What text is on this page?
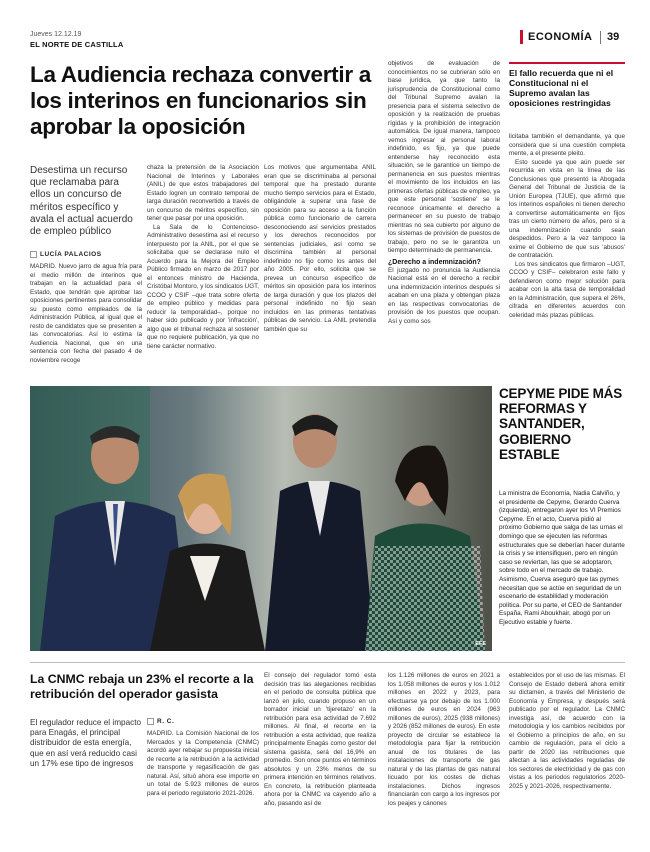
Jueves 12.12.19
EL NORTE DE CASTILLA
ECONOMÍA 39
La Audiencia rechaza convertir a los interinos en funcionarios sin aprobar la oposición
Desestima un recurso que reclamaba para ellos un concurso de méritos específico y avala el actual acuerdo de empleo público
LUCÍA PALACIOS

MADRID. Nuevo jarro de agua fría para el medio millón de interinos que trabajan en la actualidad para el Estado, que tendrán que aprobar las oposiciones pertinentes para consolidar su puesto como empleados de la Administración Pública, al igual que el resto de candidatos que se presenten a las convocatorias. Así lo estima la Audiencia Nacional, que en una sentencia con fecha del pasado 4 de noviembre recoge

chaza la pretensión de la Asociación Nacional de Interinos y Laborales (ANIL) de que estos trabajadores del Estado logren un contrato temporal de larga duración reconvertido a través de un concurso de méritos específico, sin tener que pasar por una oposición.

La Sala de lo Contencioso-Administrativo desestima así el recurso interpuesto por la ANIL, por el que se solicitaba que se declarase nulo el Acuerdo para la Mejora del Empleo Público firmado en marzo de 2017 por el entonces ministro de Hacienda, Cristóbal Montoro, y los sindicatos UGT, CCOO y CSIF –que trata sobre oferta de empleo público y medidas para reducir la temporalidad–, porque no haber sido publicado y por 'infracción', algo que el tribunal rechaza al sostener que no requiere publicación, ya que no tiene carácter normativo.

Los motivos que argumentaba ANIL eran que se discriminaba al personal temporal que ha prestado durante mucho tiempo servicios para el Estado, obligándole a superar una fase de oposición para su acceso a la función pública como funcionario de carrera desconociendo así servicios prestados y los derechos reconocidos por sentencias judiciales, así como se discrimina también al personal indefinido no fijo como los antes del año 2005. Por ello, solicita que se prevea un concurso específico de méritos sin oposición para los interinos de larga duración y que los plazos del personal indefinido no fijo sean incluidos en las primeras tentativas públicas de servicio. La ANIL pretendía también que su

objetivos de evaluación de conocimientos no se cubrieran sólo en base jurídica, ya que tanto la jurisprudencia de Constitucional como del Tribunal Supremo avalan la presencia para el sistema selectivo de oposición y la realización de pruebas rígidas y la prohibición de integración automática. De igual manera, tampoco vemos ingresar al personal laboral indefinido, es fijo, ya que puede entenderse hay reconocido esta situación, se le garantice un tiempo de permanencia en sus puestos mientras el movimiento de los incluidos en las primeras ofertas públicas de empleo, ya que este personal 'sostiene' se le reconoce únicamente el derecho a permanecer en su puesto de trabajo mientras no sea cubierto por alguno de los sistemas de provisión de puestos de trabajo, pero no se le garantiza un tiempo determinado de permanencia.

¿Derecho a indemnización?

El juzgado no pronuncia la Audiencia Nacional está en el derecho a recibir una indemnización interinos después si acaban en una plaza y obtengan plaza en las respectivas convocatorias de provisión de los puestos que ocupan. Así y como sos

El fallo recuerda que ni el Constitucional ni el Supremo avalan las oposiciones restringidas

licitaba también el demandante, ya que considera que si una cuestión completa mente, a el presente pleito.

Esto sucede ya que aún puede ser recurrida en vista en la línea de las Conclusiones que presentó la Abogada General del Tribunal de Justicia de la Unión Europea (TJUE), que afirmó que los interinos españoles ni tienen derecho a convertirse automáticamente en fijos tras un cierto número de años, pero si a una indemnización cuando sean despedidos. Pero a la vez tampoco la exime el Gobierno de que sus 'abusos' de contratación.

Los tres sindicatos que firmaron –UGT, CCOO y CSIF– celebraron este fallo y defendieron como mejor solución para acabar con la alta tasa de temporalidad en la Administración, que supera el 26%, cifrada en diferentes acuerdos con celeridad más plazas públicas.

EFE
CEPYME PIDE MÁS REFORMAS Y SANTANDER, GOBIERNO ESTABLE
La ministra de Economía, Nadia Calviño, y el presidente de Cepyme, Gerardo Cuerva (izquierda), entregaron ayer los VI Premios Cepyme. En el acto, Cuerva pidió al próximo Gobierno que salga de las urnas el domingo que se ejecuten las reformas estructurales que se deberían hacer durante la crisis y se intensifiquen, pero en ningún caso se reviertan, las que se adoptaron, sobre todo en el mercado de trabajo. Asimismo, Cuerva aseguró que las pymes necesitan que se actúe en seguridad de un escenario de estabilidad y moderación política. Por su parte, el CEO de Santander España, Rami Aboukhair, abogó por un Ejecutivo estable y fuerte.
La CNMC rebaja un 23% el recorte a la retribución del operador gasista
El regulador reduce el impacto para Enagás, el principal distribuidor de esta energía, que en así verá reducido casi un 17% ese tipo de ingresos
R. C.

MADRID. La Comisión Nacional de los Mercados y la Competencia (CNMC) acordó ayer rebajar su propuesta inicial de recorte a la retribución a la actividad de transporte y regasificación de gas natural. Así, situó ahora ese importe en un total de 5.923 millones de euros para el periodo regulatorio 2021-2026.

El consejo del regulador tomó esta decisión tras las alegaciones recibidas en el periodo de consulta pública que lanzó en julio, cuando propuso en un borrador inicial un 'tijeretazo' en la retribución para esa actividad de 7.692 millones. Al final, el recorte en la retribución a esta actividad, que realiza principalmente Enagás como gestor del sistema gasista, será del 16,9% en promedio. Son once puntos en términos absolutos y un 23% menos de su primera intención en términos relativos. En concreto, la retribución planteada ahora por la CNMC va cayendo año a año, pasando así de

los 1.126 millones de euros en 2021 a los 1.058 millones de euros y los 1.012 millones en 2022 y 2023, para efectuarse ya por debajo de los 1.000 millones de euros en 2024 (963 millones de euros), 2025 (938 millones) y 2026 (852 millones de euros). En este proyecto de circular se establece la metodología para fijar la retribución anual de los titulares de las instalaciones de transporte de gas natural y de las plantas de gas natural licuado por los costes de dichas instalaciones. Dichos ingresos financiarán con cargo a los ingresos por los peajes y cánones

establecidos por el uso de las mismas. El Consejo de Estado deberá ahora emitir su dictamen, a través del Ministerio de Economía y Empresa, y después será publicado por el regulador. La CNMC investiga así, de acuerdo con la metodología y los cambios recibidos por el Gobierno a principios de año, en su cambio de regulación, para el ciclo a partir de 2020 las retribuciones que afectan a las actividades reguladas de los sectores de electricidad y de gas con vistas a los periodos regulatorios 2020-2025 y 2021-2026, respectivamente.
